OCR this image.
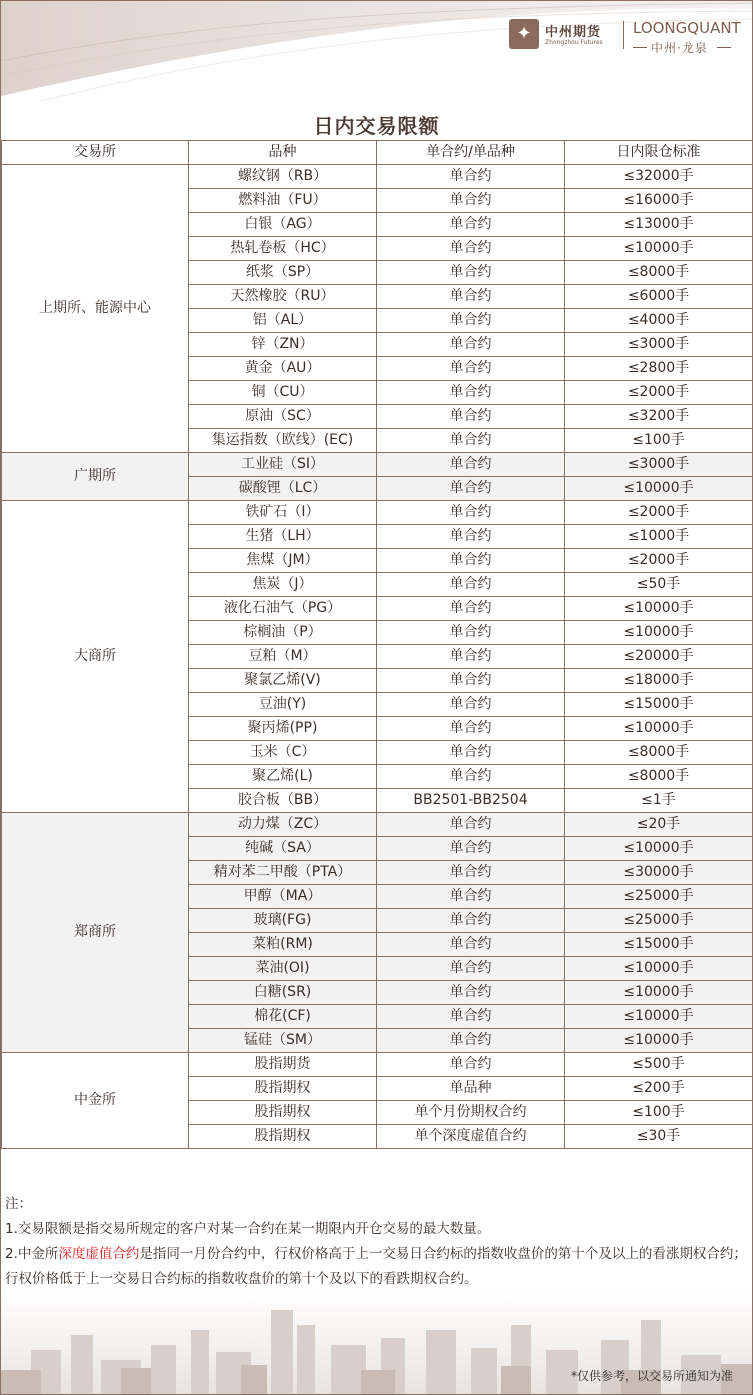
✦	中州期货
Zhongzhou Futures
LOONGQUANT
中州·龙泉
日内交易限额
交易所	品种	单合约/单品种	日内限仓标准
上期所、能源中心	螺纹钢（RB）	单合约	≤32000手
	燃料油（FU）	单合约	≤16000手
	白银（AG）	单合约	≤13000手
	热轧卷板（HC）	单合约	≤10000手
	纸浆（SP）	单合约	≤8000手
	天然橡胶（RU）	单合约	≤6000手
	铝（AL）	单合约	≤4000手
	锌（ZN）	单合约	≤3000手
	黄金（AU）	单合约	≤2800手
	铜（CU）	单合约	≤2000手
	原油（SC）	单合约	≤3200手
	集运指数（欧线）(EC)	单合约	≤100手
广期所	工业硅（SI）	单合约	≤3000手
	碳酸锂（LC）	单合约	≤10000手
大商所	铁矿石（I）	单合约	≤2000手
	生猪（LH）	单合约	≤1000手
	焦煤（JM）	单合约	≤2000手
	焦炭（J）	单合约	≤50手
	液化石油气（PG）	单合约	≤10000手
	棕榈油（P）	单合约	≤10000手
	豆粕（M）	单合约	≤20000手
	聚氯乙烯(V)	单合约	≤18000手
	豆油(Y)	单合约	≤15000手
	聚丙烯(PP)	单合约	≤10000手
	玉米（C）	单合约	≤8000手
	聚乙烯(L)	单合约	≤8000手
	胶合板（BB）	BB2501-BB2504	≤1手
郑商所	动力煤（ZC）	单合约	≤20手
	纯碱（SA）	单合约	≤10000手
	精对苯二甲酸（PTA）	单合约	≤30000手
	甲醇（MA）	单合约	≤25000手
	玻璃(FG)	单合约	≤25000手
	菜粕(RM)	单合约	≤15000手
	菜油(OI)	单合约	≤10000手
	白糖(SR)	单合约	≤10000手
	棉花(CF)	单合约	≤10000手
	锰硅（SM）	单合约	≤10000手
中金所	股指期货	单合约	≤500手
	股指期权	单品种	≤200手
	股指期权	单个月份期权合约	≤100手
	股指期权	单个深度虚值合约	≤30手

注：

1.交易限额是指交易所规定的客户对某一合约在某一期限内开仓交易的最大数量。

2.中金所深度虚值合约是指同一月份合约中，行权价格高于上一交易日合约标的指数收盘价的第十个及以上的看涨期权合约；行权价格低于上一交易日合约标的指数收盘价的第十个及以下的看跌期权合约。

*仅供参考，以交易所通知为准
